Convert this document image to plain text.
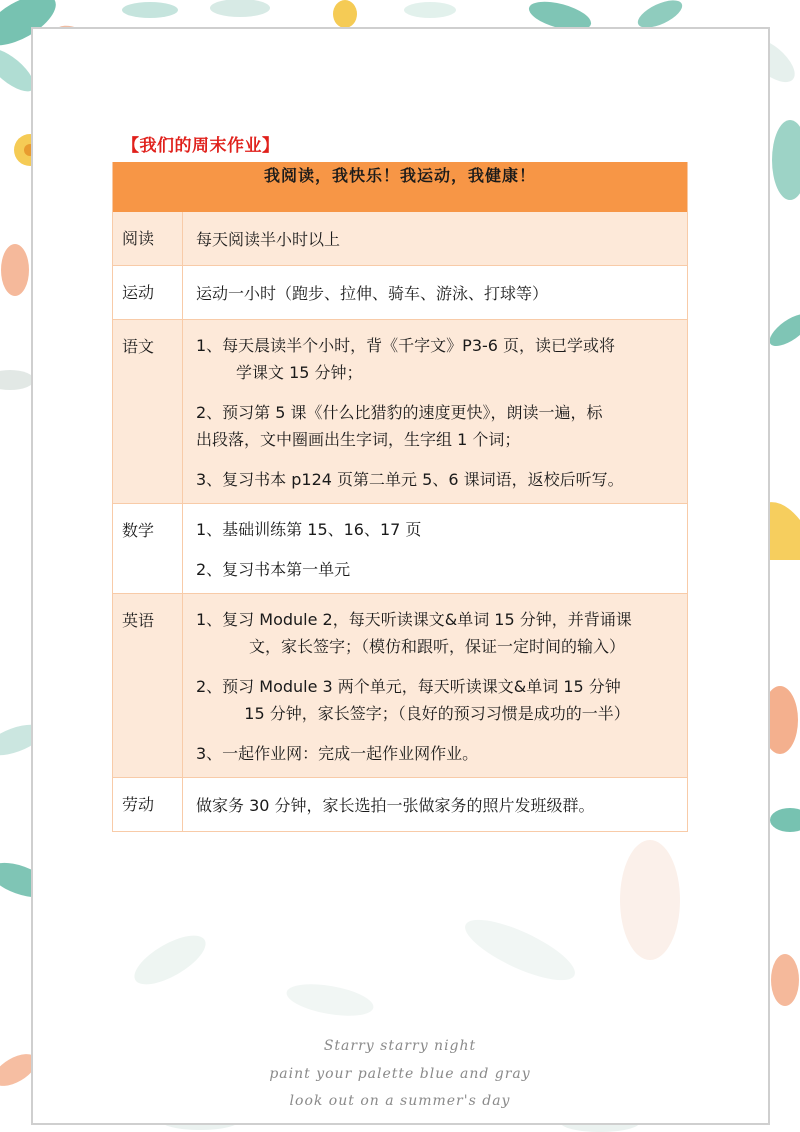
【我们的周末作业】
我阅读，我快乐！我运动，我健康！	
阅读	每天阅读半小时以上

运动	运动一小时（跑步、拉伸、骑车、游泳、打球等）

语文	1、每天晨读半个小时，背《千字文》P3-6 页，读已学或将
学课文 15 分钟；
2、预习第 5 课《什么比猎豹的速度更快》，朗读一遍，标
出段落，文中圈画出生字词，生字组 1 个词；
3、复习书本 p124 页第二单元 5、6 课词语，返校后听写。

数学	1、基础训练第 15、16、17 页
2、复习书本第一单元

英语	1、复习 Module 2，每天听读课文&单词 15 分钟，并背诵课
文，家长签字；（模仿和跟听，保证一定时间的输入）
2、预习 Module 3 两个单元，每天听读课文&单词 15 分钟
15 分钟，家长签字；（良好的预习习惯是成功的一半）
3、一起作业网：完成一起作业网作业。

劳动	做家务 30 分钟，家长选拍一张做家务的照片发班级群。
Starry starry night
paint your palette blue and gray
look out on a summer's day
